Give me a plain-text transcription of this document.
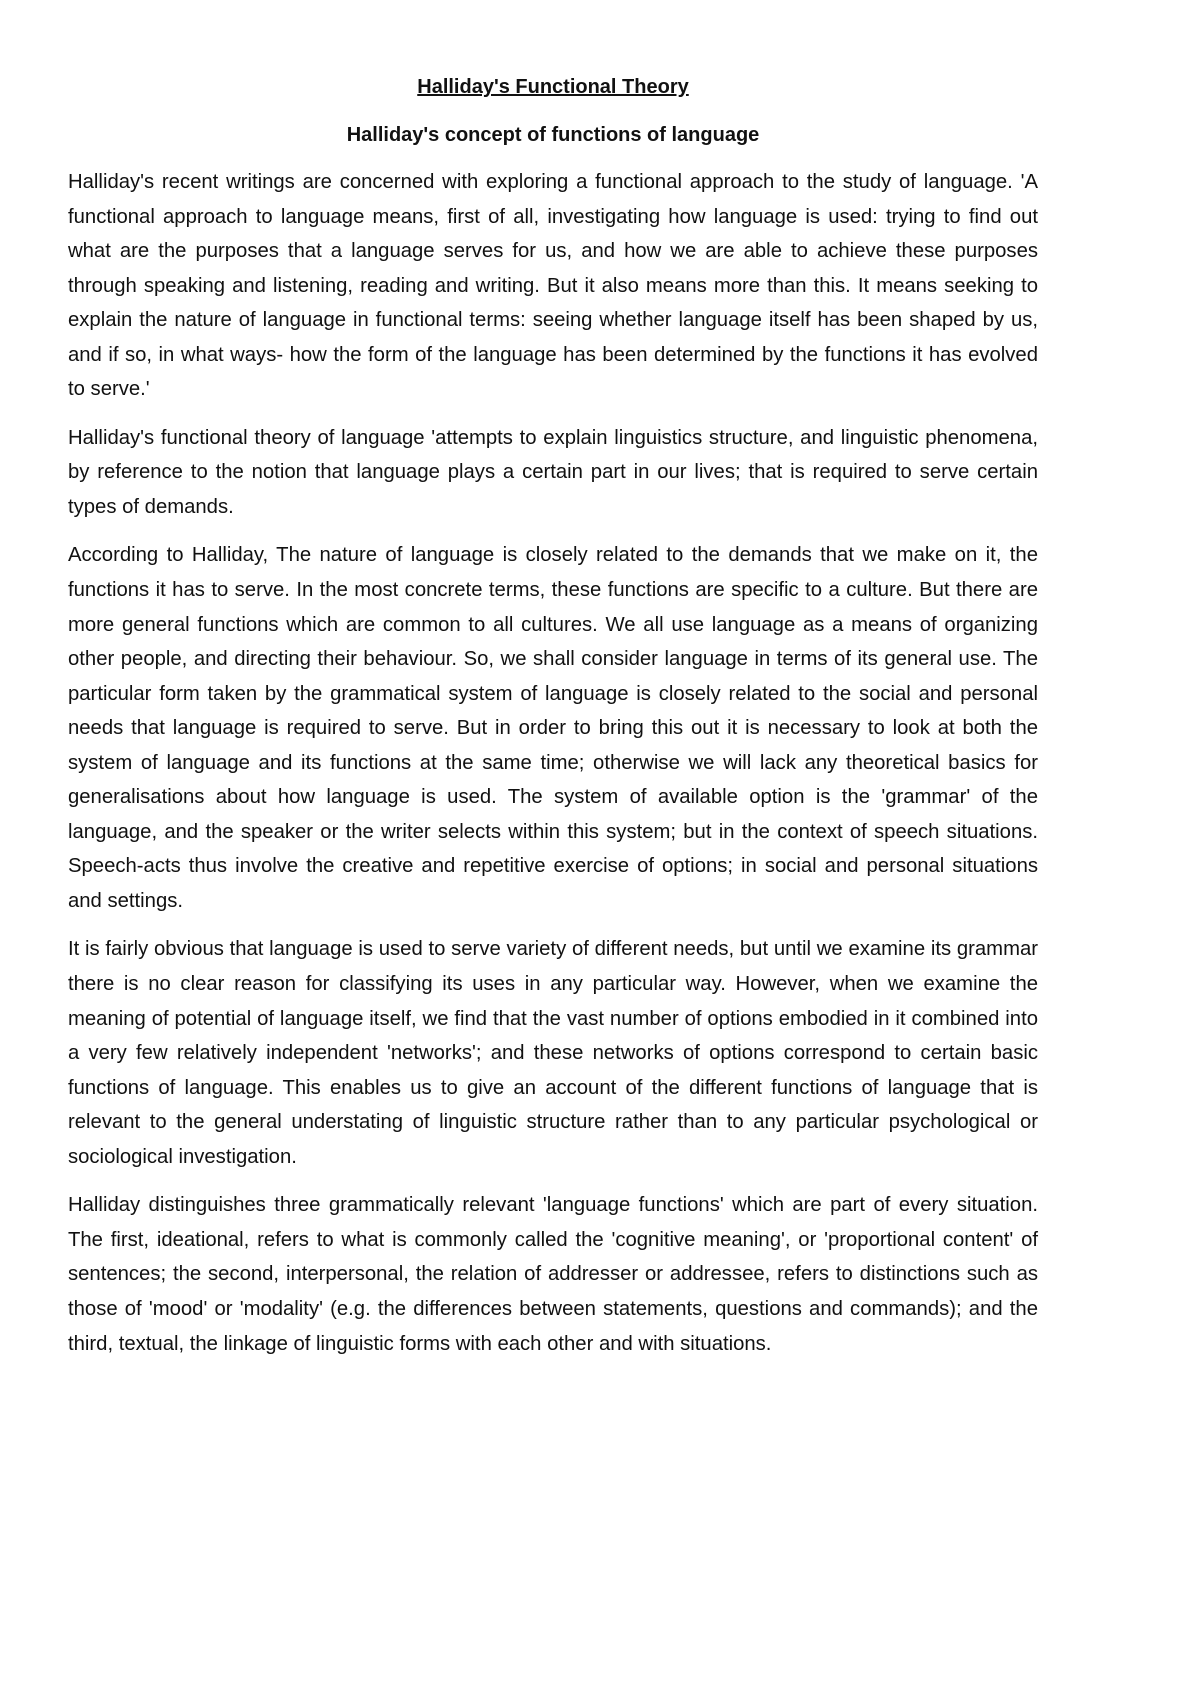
Halliday's Functional Theory
Halliday's concept of functions of language

Halliday's recent writings are concerned with exploring a functional approach to the study of language. 'A functional approach to language means, first of all, investigating how language is used: trying to find out what are the purposes that a language serves for us, and how we are able to achieve these purposes through speaking and listening, reading and writing. But it also means more than this. It means seeking to explain the nature of language in functional terms: seeing whether language itself has been shaped by us, and if so, in what ways- how the form of the language has been determined by the functions it has evolved to serve.'

Halliday's functional theory of language 'attempts to explain linguistics structure, and linguistic phenomena, by reference to the notion that language plays a certain part in our lives; that is required to serve certain types of demands.

According to Halliday, The nature of language is closely related to the demands that we make on it, the functions it has to serve. In the most concrete terms, these functions are specific to a culture. But there are more general functions which are common to all cultures. We all use language as a means of organizing other people, and directing their behaviour. So, we shall consider language in terms of its general use. The particular form taken by the grammatical system of language is closely related to the social and personal needs that language is required to serve. But in order to bring this out it is necessary to look at both the system of language and its functions at the same time; otherwise we will lack any theoretical basics for generalisations about how language is used. The system of available option is the 'grammar' of the language, and the speaker or the writer selects within this system; but in the context of speech situations. Speech-acts thus involve the creative and repetitive exercise of options; in social and personal situations and settings.

It is fairly obvious that language is used to serve variety of different needs, but until we examine its grammar there is no clear reason for classifying its uses in any particular way. However, when we examine the meaning of potential of language itself, we find that the vast number of options embodied in it combined into a very few relatively independent 'networks'; and these networks of options correspond to certain basic functions of language. This enables us to give an account of the different functions of language that is relevant to the general understating of linguistic structure rather than to any particular psychological or sociological investigation.

Halliday distinguishes three grammatically relevant 'language functions' which are part of every situation. The first, ideational, refers to what is commonly called the 'cognitive meaning', or 'proportional content' of sentences; the second, interpersonal, the relation of addresser or addressee, refers to distinctions such as those of 'mood' or 'modality' (e.g. the differences between statements, questions and commands); and the third, textual, the linkage of linguistic forms with each other and with situations.
